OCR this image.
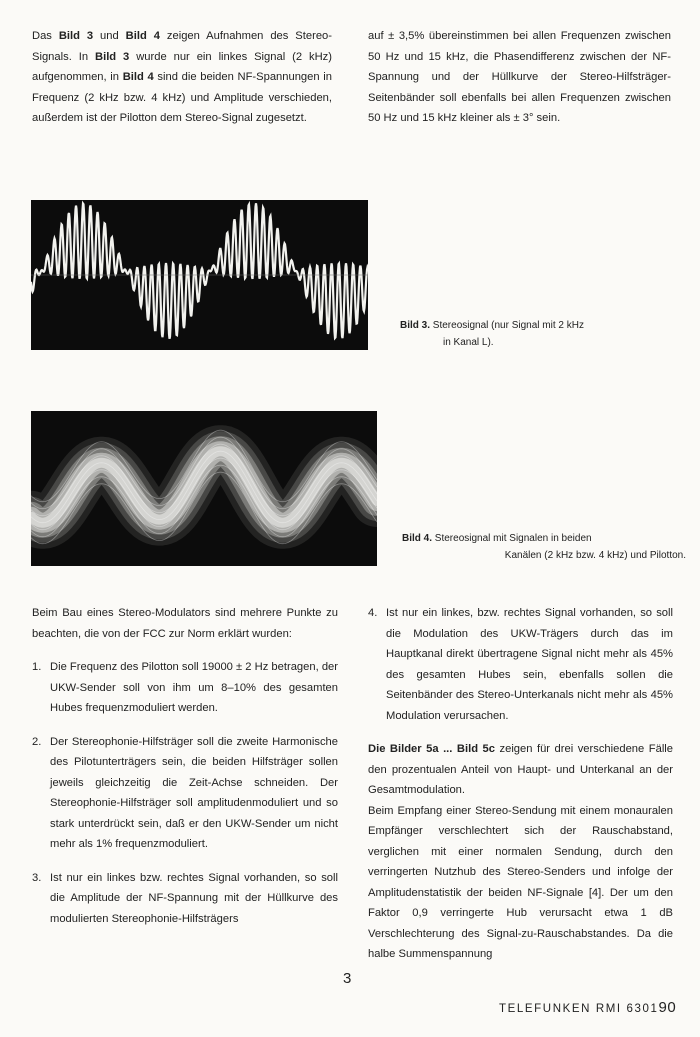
Das Bild 3 und Bild 4 zeigen Aufnahmen des Stereo-Signals. In Bild 3 wurde nur ein linkes Signal (2 kHz) aufgenommen, in Bild 4 sind die beiden NF-Spannungen in Frequenz (2 kHz bzw. 4 kHz) und Amplitude verschieden, außerdem ist der Pilotton dem Stereo-Signal zugesetzt.

auf ± 3,5% übereinstimmen bei allen Frequenzen zwischen 50 Hz und 15 kHz, die Phasendifferenz zwischen der NF-Spannung und der Hüllkurve der Stereo-Hilfsträger-Seitenbänder soll ebenfalls bei allen Frequenzen zwischen 50 Hz und 15 kHz kleiner als ± 3° sein.

Bild 3. Stereosignal (nur Signal mit 2 kHz
in Kanal L).
Bild 4. Stereosignal mit Signalen in beiden
Kanälen (2 kHz bzw. 4 kHz) und Pilotton.

Beim Bau eines Stereo-Modulators sind mehrere Punkte zu beachten, die von der FCC zur Norm erklärt wurden:

1. Die Frequenz des Pilotton soll 19000 ± 2 Hz betragen, der UKW-Sender soll von ihm um 8–10% des gesamten Hubes frequenzmoduliert werden.

2. Der Stereophonie-Hilfsträger soll die zweite Harmonische des Pilotunterträgers sein, die beiden Hilfsträger sollen jeweils gleichzeitig die Zeit-Achse schneiden. Der Stereophonie-Hilfsträger soll amplitudenmoduliert und so stark unterdrückt sein, daß er den UKW-Sender um nicht mehr als 1% frequenzmoduliert.

3. Ist nur ein linkes bzw. rechtes Signal vorhanden, so soll die Amplitude der NF-Spannung mit der Hüllkurve des modulierten Stereophonie-Hilfsträgers

4. Ist nur ein linkes, bzw. rechtes Signal vorhanden, so soll die Modulation des UKW-Trägers durch das im Hauptkanal direkt übertragene Signal nicht mehr als 45% des gesamten Hubes sein, ebenfalls sollen die Seitenbänder des Stereo-Unterkanals nicht mehr als 45% Modulation verursachen.

Die Bilder 5a ... Bild 5c zeigen für drei verschiedene Fälle den prozentualen Anteil von Haupt- und Unterkanal an der Gesamtmodulation.

Beim Empfang einer Stereo-Sendung mit einem monauralen Empfänger verschlechtert sich der Rauschabstand, verglichen mit einer normalen Sendung, durch den verringerten Nutzhub des Stereo-Senders und infolge der Amplitudenstatistik der beiden NF-Signale [4]. Der um den Faktor 0,9 verringerte Hub verursacht etwa 1 dB Verschlechterung des Signal-zu-Rauschabstandes. Da die halbe Summenspannung

3
TELEFUNKEN RMI 630190
